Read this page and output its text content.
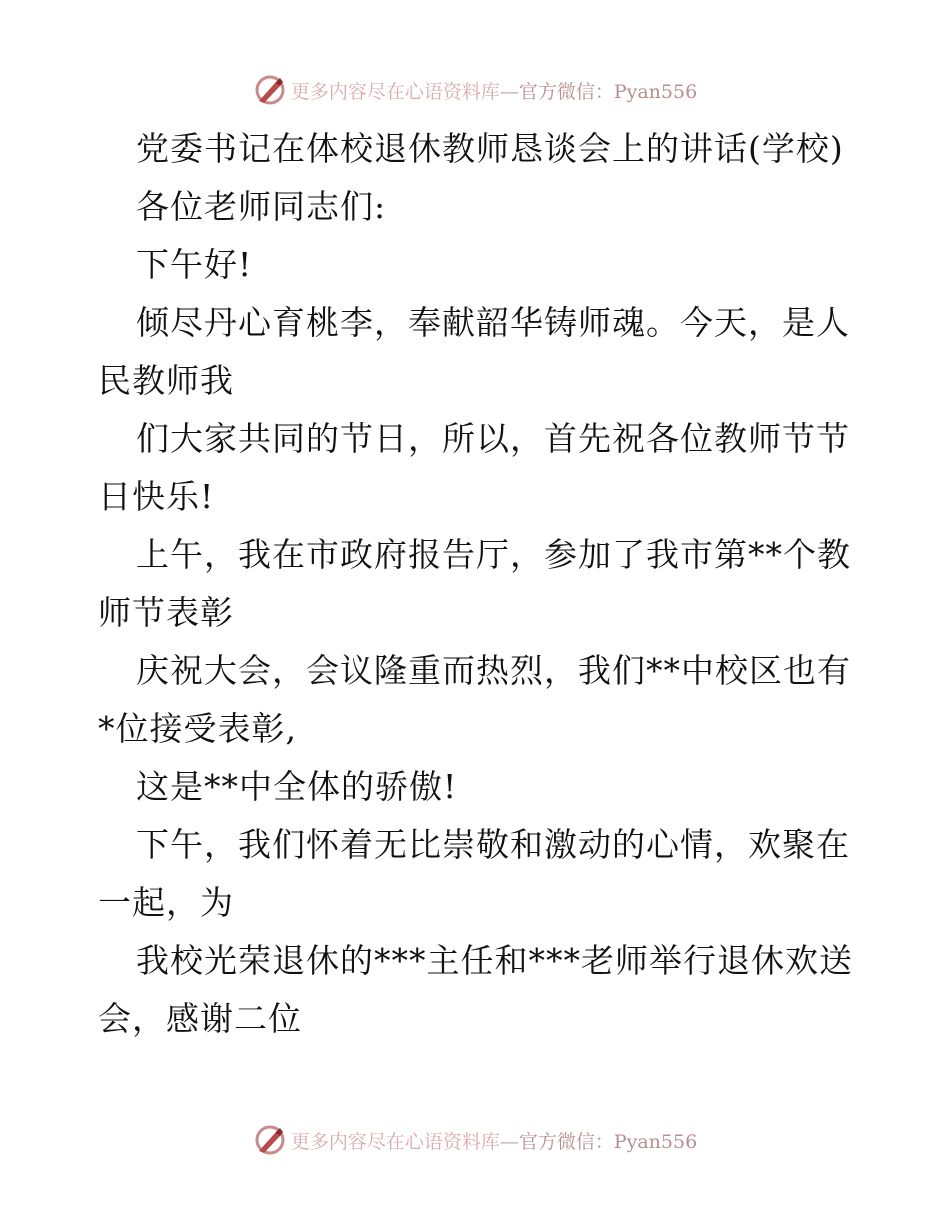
更多内容尽在心语资料库—官方微信：Pyan556

党委书记在体校退休教师恳谈会上的讲话(学校)

各位老师同志们:

下午好!

倾尽丹心育桃李，奉献韶华铸师魂。今天，是人

民教师我

们大家共同的节日，所以，首先祝各位教师节节

日快乐!

上午，我在市政府报告厅，参加了我市第**个教

师节表彰

庆祝大会，会议隆重而热烈，我们**中校区也有

*位接受表彰,

这是**中全体的骄傲!

下午，我们怀着无比崇敬和激动的心情，欢聚在

一起，为

我校光荣退休的***主任和***老师举行退休欢送

会，感谢二位

更多内容尽在心语资料库—官方微信：Pyan556
